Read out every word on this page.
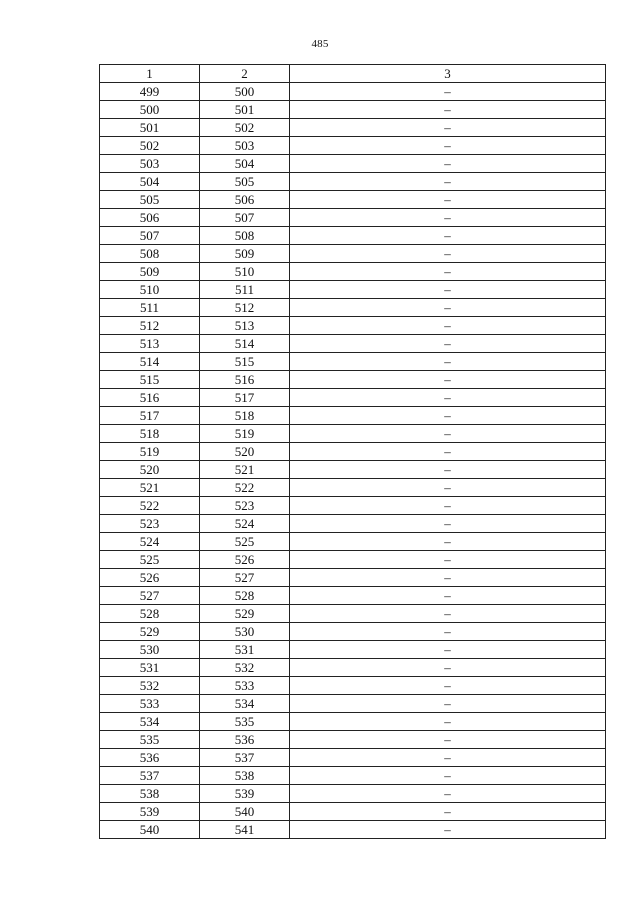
485
1	2	3
499	500	–
500	501	–
501	502	–
502	503	–
503	504	–
504	505	–
505	506	–
506	507	–
507	508	–
508	509	–
509	510	–
510	511	–
511	512	–
512	513	–
513	514	–
514	515	–
515	516	–
516	517	–
517	518	–
518	519	–
519	520	–
520	521	–
521	522	–
522	523	–
523	524	–
524	525	–
525	526	–
526	527	–
527	528	–
528	529	–
529	530	–
530	531	–
531	532	–
532	533	–
533	534	–
534	535	–
535	536	–
536	537	–
537	538	–
538	539	–
539	540	–
540	541	–
